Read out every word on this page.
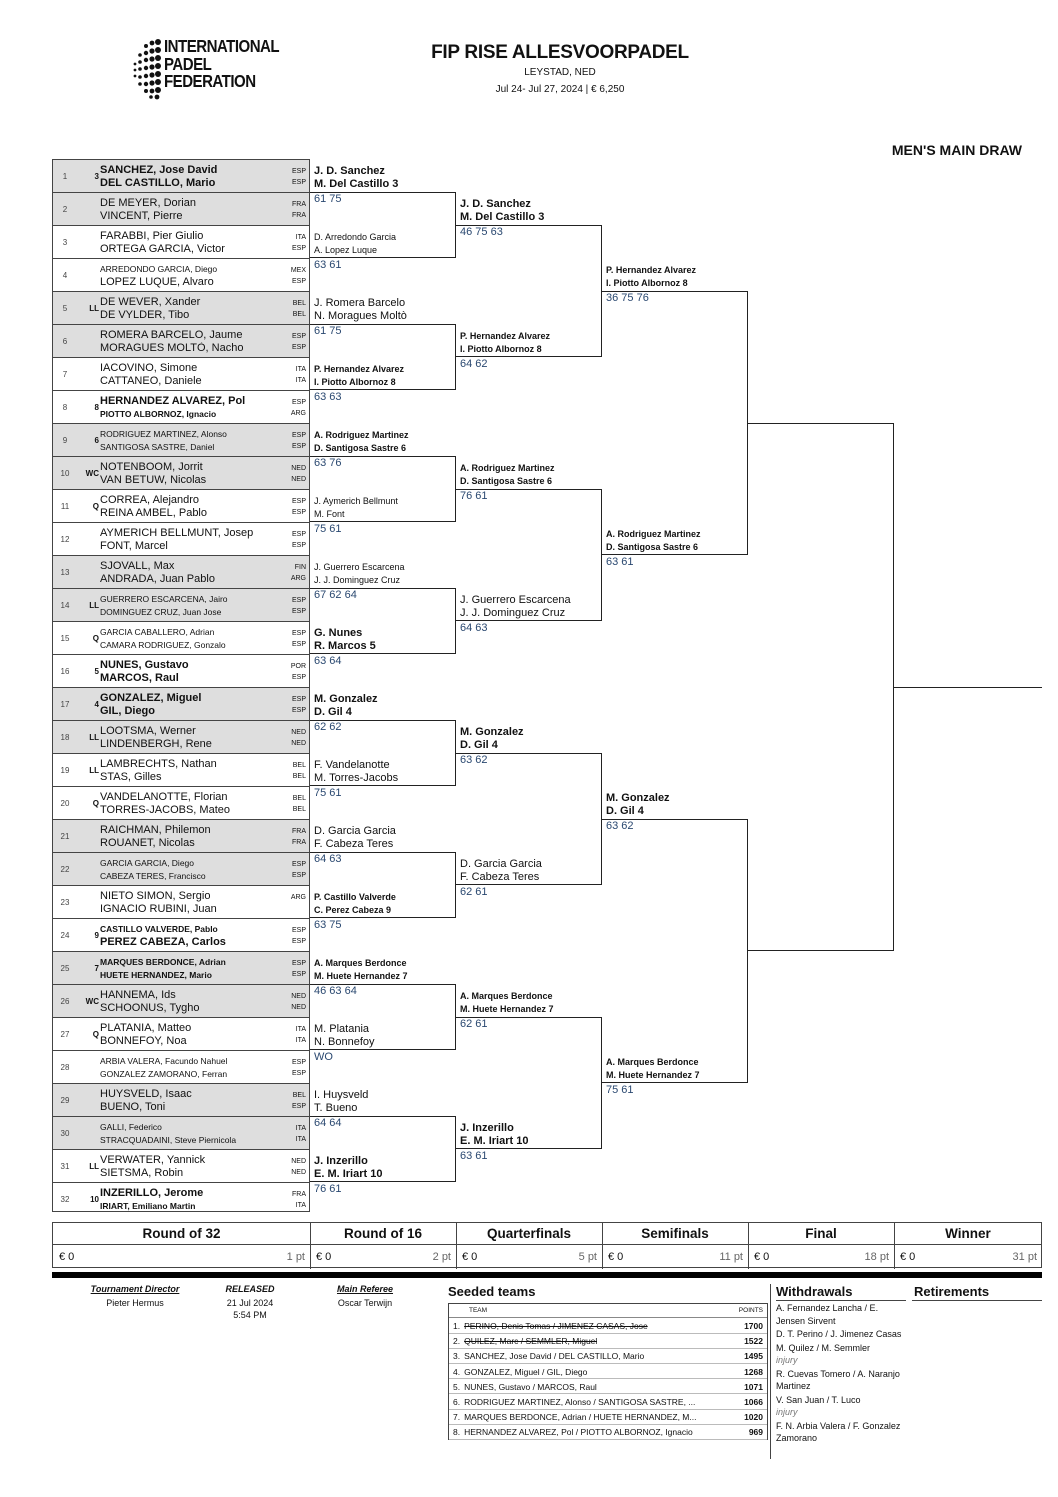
INTERNATIONAL
PADEL
FEDERATION
FIP RISE ALLESVOORPADEL
LEYSTAD, NED
Jul 24- Jul 27, 2024 | € 6,250
MEN'S MAIN DRAW
1	3
SANCHEZ, Jose David
DEL CASTILLO, Mario
ESP
ESP
2
DE MEYER, Dorian
VINCENT, Pierre
FRA
FRA
3
FARABBI, Pier Giulio
ORTEGA GARCIA, Victor
ITA
ESP
4
ARREDONDO GARCIA, Diego
LOPEZ LUQUE, Alvaro
MEX
ESP
5	LL
DE WEVER, Xander
DE VYLDER, Tibo
BEL
BEL
6
ROMERA BARCELO, Jaume
MORAGUES MOLTÒ, Nacho
ESP
ESP
7
IACOVINO, Simone
CATTANEO, Daniele
ITA
ITA
8	8
HERNANDEZ ALVAREZ, Pol
PIOTTO ALBORNOZ, Ignacio
ESP
ARG
9	6
RODRIGUEZ MARTINEZ, Alonso
SANTIGOSA SASTRE, Daniel
ESP
ESP
10	WC
NOTENBOOM, Jorrit
VAN BETUW, Nicolas
NED
NED
11	Q
CORREA, Alejandro
REINA AMBEL, Pablo
ESP
ESP
12
AYMERICH BELLMUNT, Josep
FONT, Marcel
ESP
ESP
13
SJOVALL, Max
ANDRADA, Juan Pablo
FIN
ARG
14	LL
GUERRERO ESCARCENA, Jairo
DOMINGUEZ CRUZ, Juan Jose
ESP
ESP
15	Q
GARCIA CABALLERO, Adrian
CAMARA RODRIGUEZ, Gonzalo
ESP
ESP
16	5
NUNES, Gustavo
MARCOS, Raul
POR
ESP
17	4
GONZALEZ, Miguel
GIL, Diego
ESP
ESP
18	LL
LOOTSMA, Werner
LINDENBERGH, Rene
NED
NED
19	LL
LAMBRECHTS, Nathan
STAS, Gilles
BEL
BEL
20	Q
VANDELANOTTE, Florian
TORRES-JACOBS, Mateo
BEL
BEL
21
RAICHMAN, Philemon
ROUANET, Nicolas
FRA
FRA
22
GARCIA GARCIA, Diego
CABEZA TERES, Francisco
ESP
ESP
23
NIETO SIMON, Sergio
IGNACIO RUBINI, Juan
ARG
24	9
CASTILLO VALVERDE, Pablo
PEREZ CABEZA, Carlos
ESP
ESP
25	7
MARQUES BERDONCE, Adrian
HUETE HERNANDEZ, Mario
ESP
ESP
26	WC
HANNEMA, Ids
SCHOONUS, Tygho
NED
NED
27	Q
PLATANIA, Matteo
BONNEFOY, Noa
ITA
ITA
28
ARBIA VALERA, Facundo Nahuel
GONZALEZ ZAMORANO, Ferran
ESP
ESP
29
HUYSVELD, Isaac
BUENO, Toni
BEL
ESP
30
GALLI, Federico
STRACQUADAINI, Steve Piernicola
ITA
ITA
31	LL
VERWATER, Yannick
SIETSMA, Robin
NED
NED
32	10
INZERILLO, Jerome
IRIART, Emiliano Martin
FRA
ITA
J. D. Sanchez
M. Del Castillo 3
61 75
D. Arredondo Garcia
A. Lopez Luque
63 61
J. Romera Barcelo
N. Moragues Moltò
61 75
P. Hernandez Alvarez
I. Piotto Albornoz 8
63 63
A. Rodriguez Martinez
D. Santigosa Sastre 6
63 76
J. Aymerich Bellmunt
M. Font
75 61
J. Guerrero Escarcena
J. J. Dominguez Cruz
67 62 64
G. Nunes
R. Marcos 5
63 64
M. Gonzalez
D. Gil 4
62 62
F. Vandelanotte
M. Torres-Jacobs
75 61
D. Garcia Garcia
F. Cabeza Teres
64 63
P. Castillo Valverde
C. Perez Cabeza 9
63 75
A. Marques Berdonce
M. Huete Hernandez 7
46 63 64
M. Platania
N. Bonnefoy
WO
I. Huysveld
T. Bueno
64 64
J. Inzerillo
E. M. Iriart 10
76 61
J. D. Sanchez
M. Del Castillo 3
46 75 63
P. Hernandez Alvarez
I. Piotto Albornoz 8
64 62
A. Rodriguez Martinez
D. Santigosa Sastre 6
76 61
J. Guerrero Escarcena
J. J. Dominguez Cruz
64 63
M. Gonzalez
D. Gil 4
63 62
D. Garcia Garcia
F. Cabeza Teres
62 61
A. Marques Berdonce
M. Huete Hernandez 7
62 61
J. Inzerillo
E. M. Iriart 10
63 61
P. Hernandez Alvarez
I. Piotto Albornoz 8
36 75 76
A. Rodriguez Martinez
D. Santigosa Sastre 6
63 61
M. Gonzalez
D. Gil 4
63 62
A. Marques Berdonce
M. Huete Hernandez 7
75 61
Round of 32
€ 0	1 pt
Round of 16
€ 0	2 pt
Quarterfinals
€ 0	5 pt
Semifinals
€ 0	11 pt
Final
€ 0	18 pt
Winner
€ 0	31 pt
Tournament Director
Pieter Hermus
RELEASED
21 Jul 2024
5:54 PM
Main Referee
Oscar Terwijn
Seeded teams
TEAM	POINTS
1. PERINO, Denis Tomas / JIMENEZ CASAS, Jose	1700
2. QUILEZ, Marc / SEMMLER, Miguel	1522
3. SANCHEZ, Jose David / DEL CASTILLO, Mario	1495
4. GONZALEZ, Miguel / GIL, Diego	1268
5. NUNES, Gustavo / MARCOS, Raul	1071
6. RODRIGUEZ MARTINEZ, Alonso / SANTIGOSA SASTRE, ...	1066
7. MARQUES BERDONCE, Adrian / HUETE HERNANDEZ, M...	1020
8. HERNANDEZ ALVAREZ, Pol / PIOTTO ALBORNOZ, Ignacio	969
Withdrawals
A. Fernandez Lancha / E. Jensen Sirvent
D. T. Perino / J. Jimenez Casas
M. Quilez / M. Semmler
injury
R. Cuevas Tomero / A. Naranjo Martinez
V. San Juan / T. Luco
injury
F. N. Arbia Valera / F. Gonzalez Zamorano
Retirements
